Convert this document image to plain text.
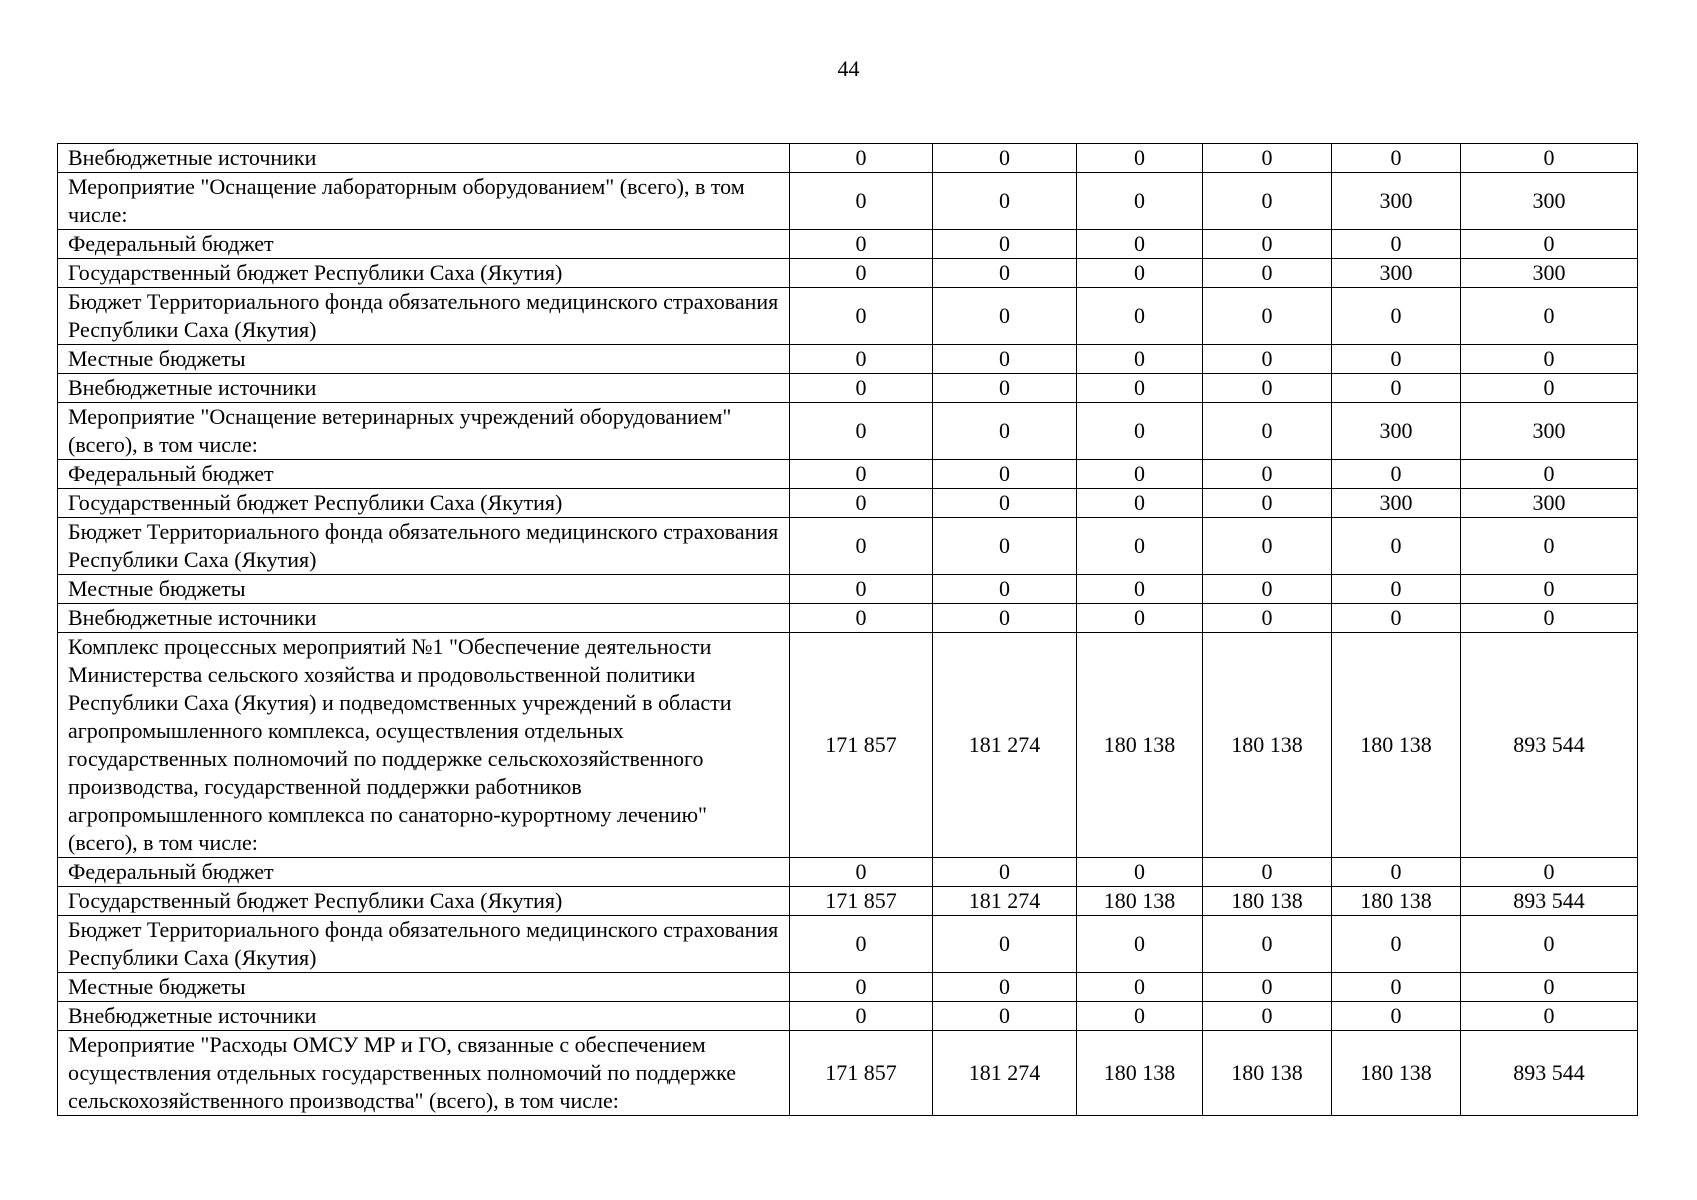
44
Внебюджетные источники	0	0	0	0	0	0
Мероприятие "Оснащение лабораторным оборудованием" (всего), в том числе:	0	0	0	0	300	300
Федеральный бюджет	0	0	0	0	0	0
Государственный бюджет Республики Саха (Якутия)	0	0	0	0	300	300
Бюджет Территориального фонда обязательного медицинского страхования Республики Саха (Якутия)	0	0	0	0	0	0
Местные бюджеты	0	0	0	0	0	0
Внебюджетные источники	0	0	0	0	0	0
Мероприятие "Оснащение ветеринарных учреждений оборудованием" (всего), в том числе:	0	0	0	0	300	300
Федеральный бюджет	0	0	0	0	0	0
Государственный бюджет Республики Саха (Якутия)	0	0	0	0	300	300
Бюджет Территориального фонда обязательного медицинского страхования Республики Саха (Якутия)	0	0	0	0	0	0
Местные бюджеты	0	0	0	0	0	0
Внебюджетные источники	0	0	0	0	0	0
Комплекс процессных мероприятий №1 "Обеспечение деятельности Министерства сельского хозяйства и продовольственной политики Республики Саха (Якутия) и подведомственных учреждений в области агропромышленного комплекса, осуществления отдельных государственных полномочий по поддержке сельскохозяйственного производства, государственной поддержки работников агропромышленного комплекса по санаторно-курортному лечению" (всего), в том числе:	171 857	181 274	180 138	180 138	180 138	893 544
Федеральный бюджет	0	0	0	0	0	0
Государственный бюджет Республики Саха (Якутия)	171 857	181 274	180 138	180 138	180 138	893 544
Бюджет Территориального фонда обязательного медицинского страхования Республики Саха (Якутия)	0	0	0	0	0	0
Местные бюджеты	0	0	0	0	0	0
Внебюджетные источники	0	0	0	0	0	0
Мероприятие "Расходы ОМСУ МР и ГО, связанные с обеспечением осуществления отдельных государственных полномочий по поддержке сельскохозяйственного производства" (всего), в том числе:	171 857	181 274	180 138	180 138	180 138	893 544
